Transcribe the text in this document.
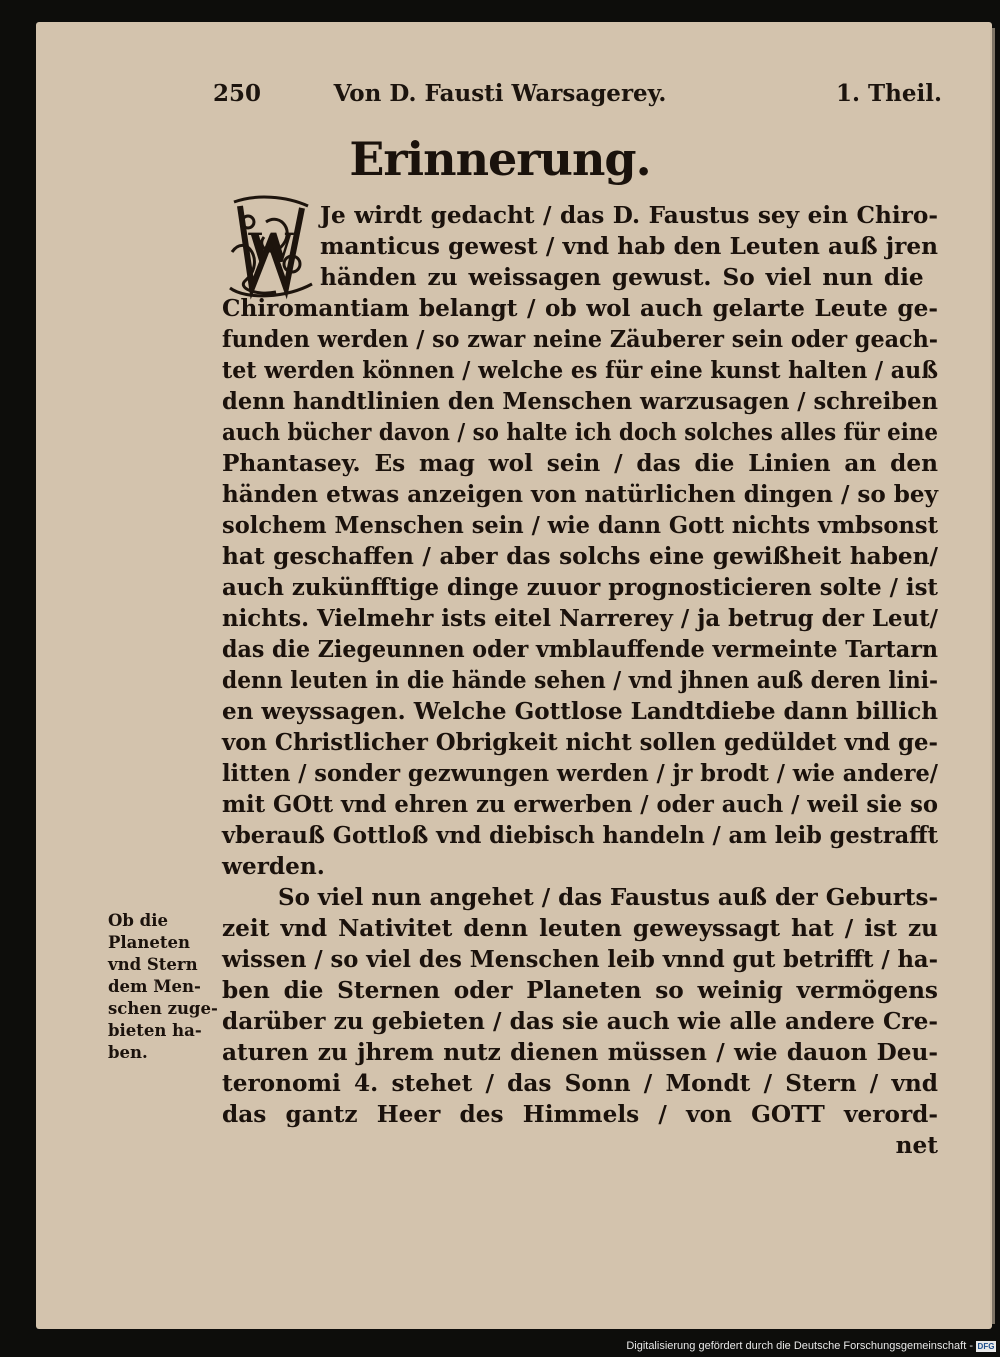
250	Von D. Fausti Warsagerey.	1. Theil.
Erinnerung.
W
Je wirdt gedacht / das D. Faustus sey ein Chiro-
manticus gewest / vnd hab den Leuten auß jren
händen zu weissagen gewust. So viel nun die
Chiromantiam belangt / ob wol auch gelarte Leute ge-
funden werden / so zwar neine Zäuberer sein oder geach-
tet werden können / welche es für eine kunst halten / auß
denn handtlinien den Menschen warzusagen / schreiben
auch bücher davon / so halte ich doch solches alles für eine
Phantasey. Es mag wol sein / das die Linien an den
händen etwas anzeigen von natürlichen dingen / so bey
solchem Menschen sein / wie dann Gott nichts vmbsonst
hat geschaffen / aber das solchs eine gewißheit haben/
auch zukünfftige dinge zuuor prognosticieren solte / ist
nichts. Vielmehr ists eitel Narrerey / ja betrug der Leut/
das die Ziegeunnen oder vmblauffende vermeinte Tartarn
denn leuten in die hände sehen / vnd jhnen auß deren lini-
en weyssagen. Welche Gottlose Landtdiebe dann billich
von Christlicher Obrigkeit nicht sollen gedüldet vnd ge-
litten / sonder gezwungen werden / jr brodt / wie andere/
mit GOtt vnd ehren zu erwerben / oder auch / weil sie so
vberauß Gottloß vnd diebisch handeln / am leib gestrafft
werden.
So viel nun angehet / das Faustus auß der Geburts-
zeit vnd Nativitet denn leuten geweyssagt hat / ist zu
wissen / so viel des Menschen leib vnnd gut betrifft / ha-
ben die Sternen oder Planeten so weinig vermögens
darüber zu gebieten / das sie auch wie alle andere Cre-
aturen zu jhrem nutz dienen müssen / wie dauon Deu-
teronomi 4. stehet / das Sonn / Mondt / Stern / vnd
das gantz Heer des Himmels / von GOTT verord-
net
Ob die
Planeten
vnd Stern
dem Men-
schen zuge-
bieten ha-
ben.
Digitalisierung gefördert durch die Deutsche Forschungsgemeinschaft - DFG
